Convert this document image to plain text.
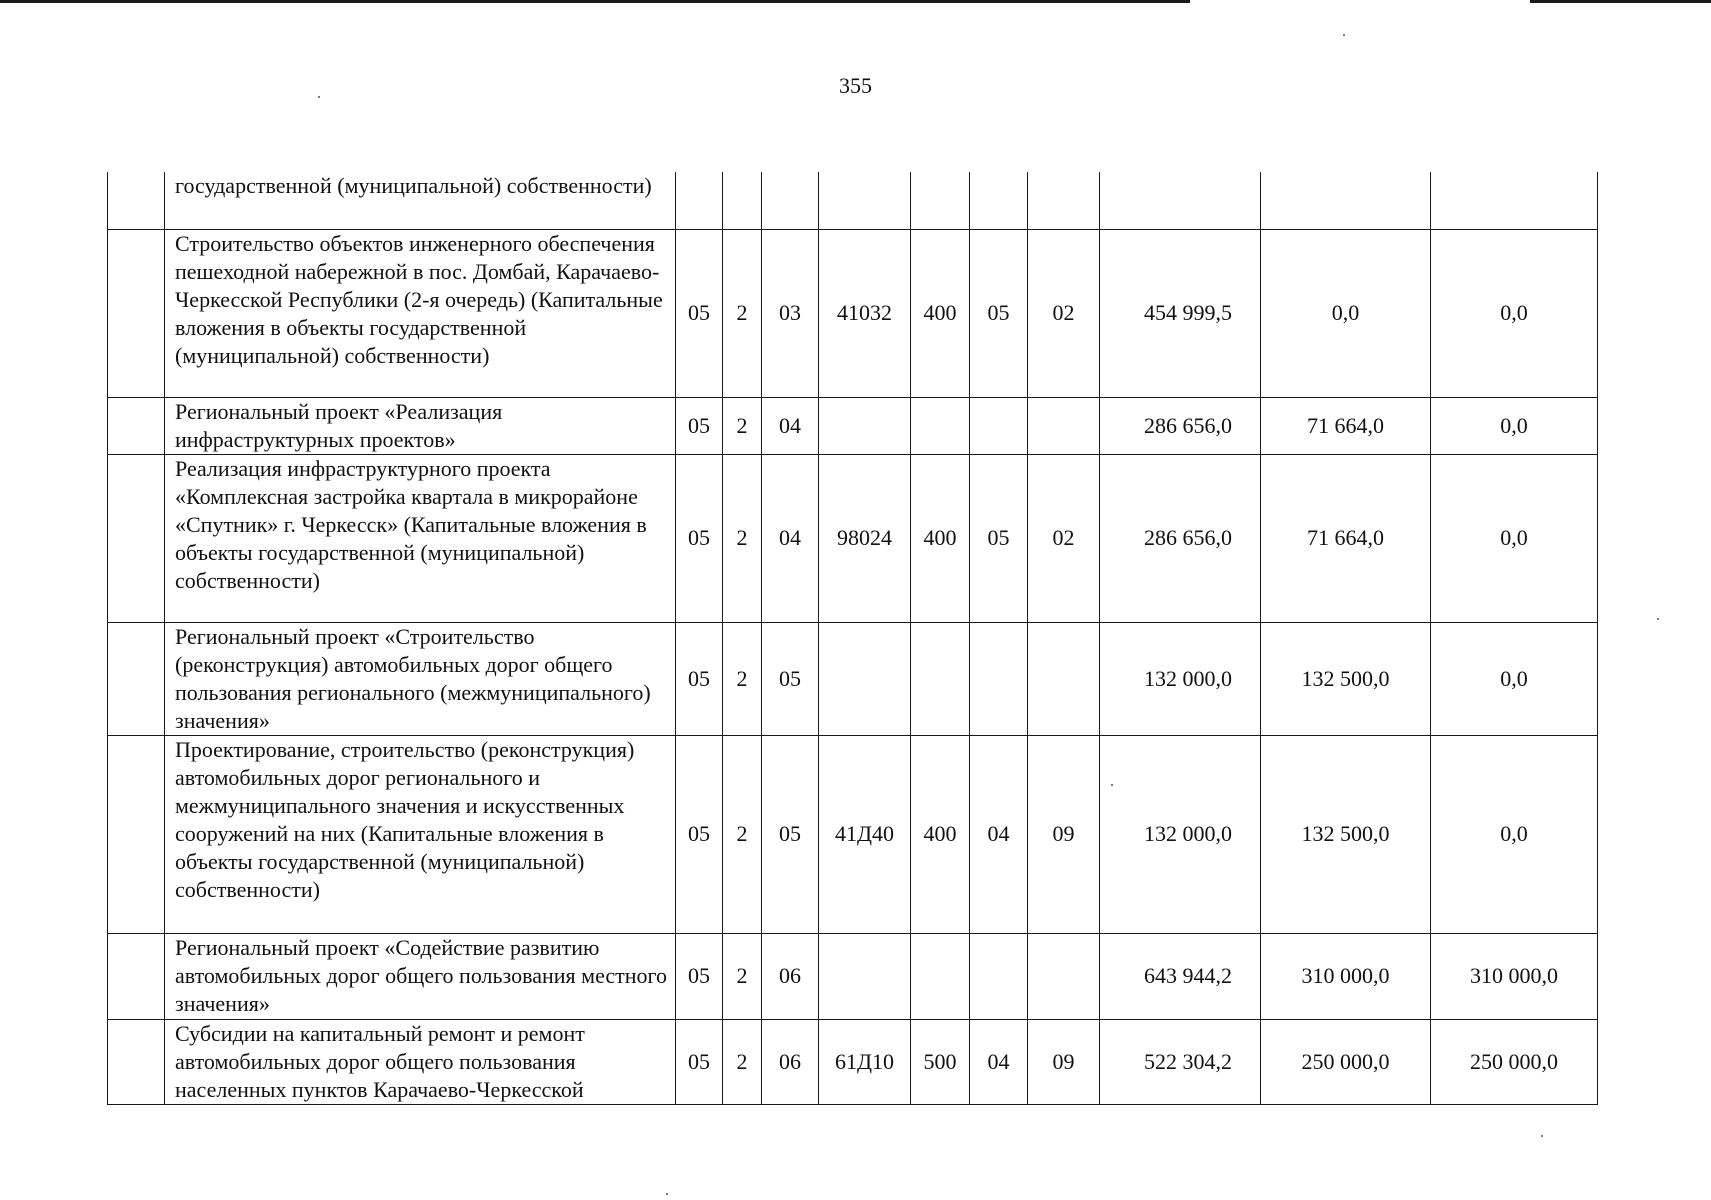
355
	государственной (муниципальной) собственности)										
	Строительство объектов инженерного обеспечения пешеходной набережной в пос. Домбай, Карачаево-Черкесской Республики (2-я очередь) (Капитальные вложения в объекты государственной (муниципальной) собственности)	05	2	03	41032	400	05	02	454 999,5	0,0	0,0
	Региональный проект «Реализация инфраструктурных проектов»	05	2	04					286 656,0	71 664,0	0,0
	Реализация инфраструктурного проекта «Комплексная застройка квартала в микрорайоне «Спутник» г. Черкесск» (Капитальные вложения в объекты государственной (муниципальной) собственности)	05	2	04	98024	400	05	02	286 656,0	71 664,0	0,0
	Региональный проект «Строительство (реконструкция) автомобильных дорог общего пользования регионального (межмуниципального) значения»	05	2	05					132 000,0	132 500,0	0,0
	Проектирование, строительство (реконструкция) автомобильных дорог регионального и межмуниципального значения и искусственных сооружений на них (Капитальные вложения в объекты государственной (муниципальной) собственности)	05	2	05	41Д40	400	04	09	132 000,0	132 500,0	0,0
	Региональный проект «Содействие развитию автомобильных дорог общего пользования местного значения»	05	2	06					643 944,2	310 000,0	310 000,0
	Субсидии на капитальный ремонт и ремонт автомобильных дорог общего пользования населенных пунктов Карачаево-Черкесской	05	2	06	61Д10	500	04	09	522 304,2	250 000,0	250 000,0
